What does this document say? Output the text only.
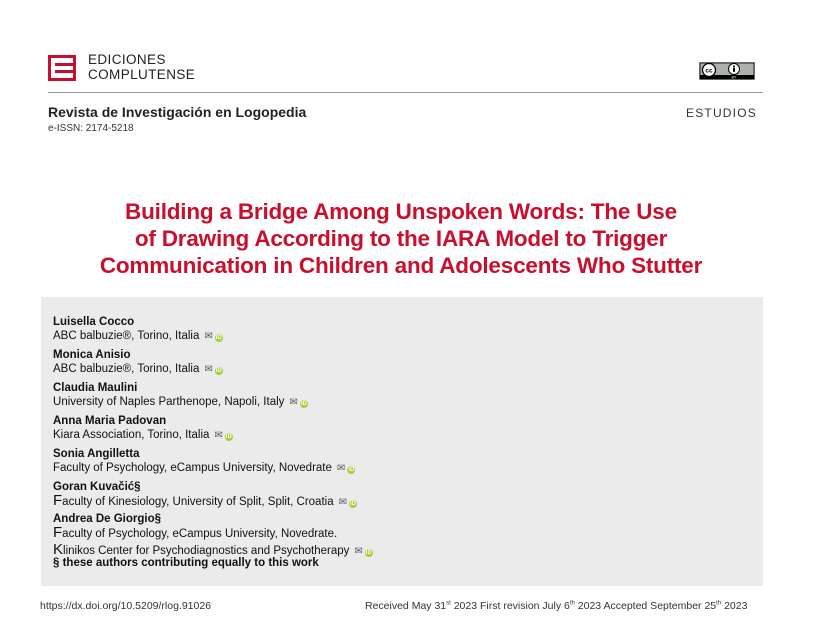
EDICIONES
COMPLUTENSE	cc
BY
Revista de Investigación en Logopedia
e-ISSN: 2174-5218
ESTUDIOS
Building a Bridge Among Unspoken Words: The Use
of Drawing According to the IARA Model to Trigger
Communication in Children and Adolescents Who Stutter
Luisella Cocco
ABC balbuzie®, Torino, Italia ✉ iD
Monica Anisio
ABC balbuzie®, Torino, Italia ✉ iD
Claudia Maulini
University of Naples Parthenope, Napoli, Italy ✉ iD
Anna Maria Padovan
Kiara Association, Torino, Italia ✉ iD
Sonia Angilletta
Faculty of Psychology, eCampus University, Novedrate ✉ iD
Goran Kuvačić§
Faculty of Kinesiology, University of Split, Split, Croatia ✉ iD
Andrea De Giorgio§
Faculty of Psychology, eCampus University, Novedrate.
Klinikos Center for Psychodiagnostics and Psychotherapy ✉ iD
§ these authors contributing equally to this work
https://dx.doi.org/10.5209/rlog.91026	Received May 31st 2023 First revision July 6th 2023 Accepted September 25th 2023
